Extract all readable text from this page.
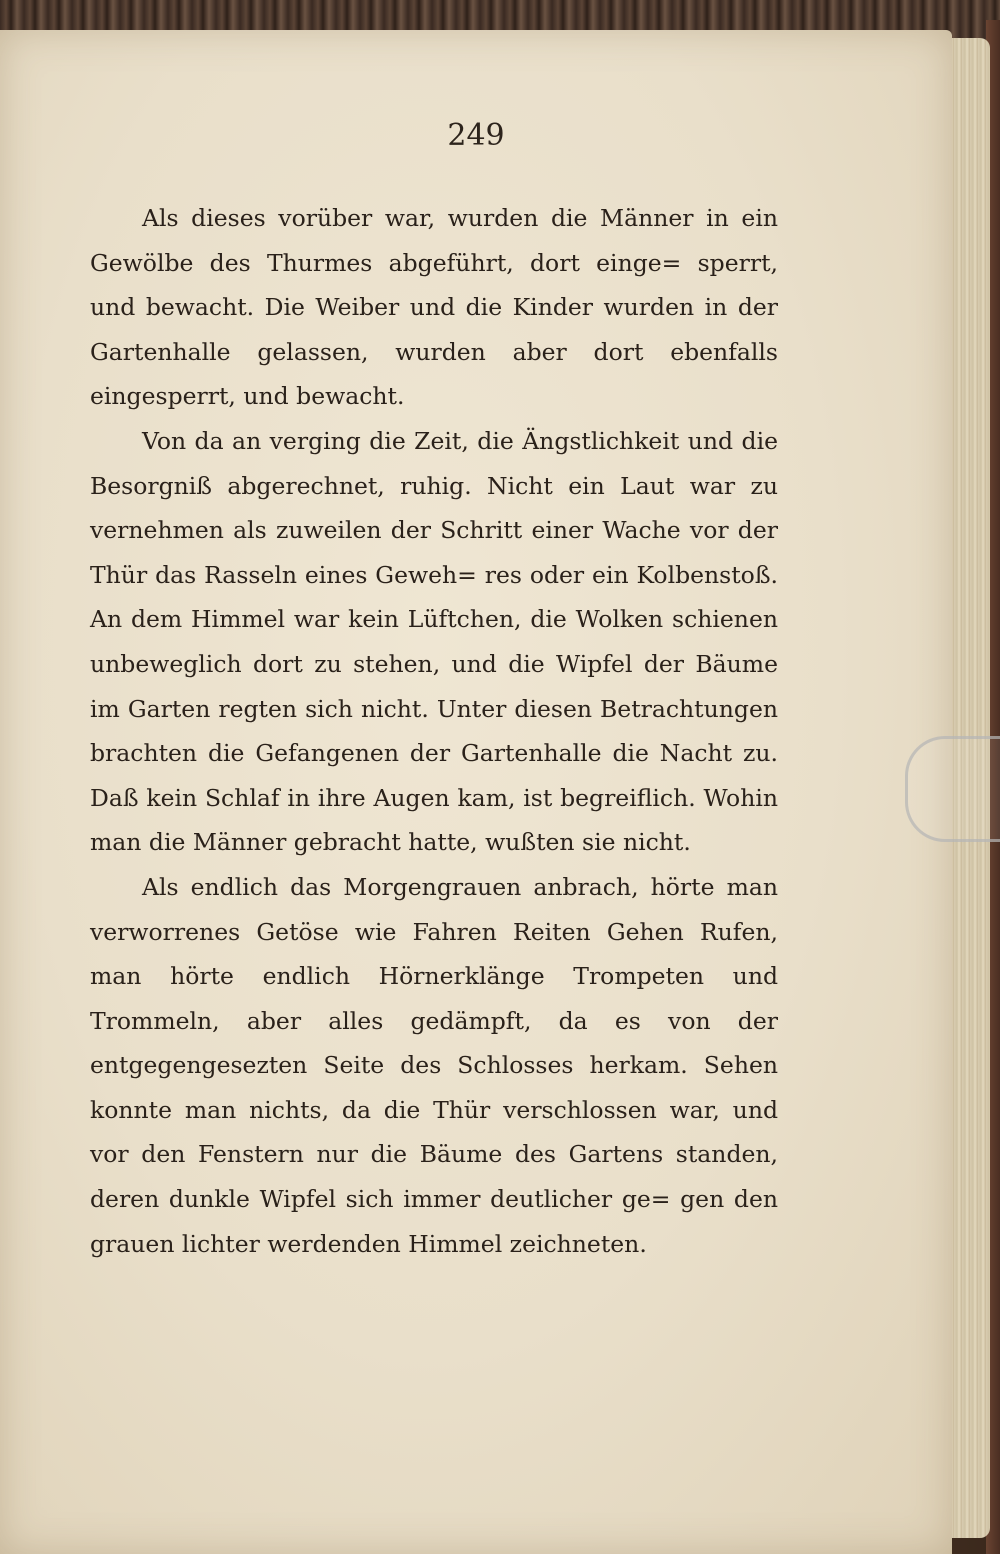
249

Als dieses vorüber war, wurden die Männer in ein Gewölbe des Thurmes abgeführt, dort einge= sperrt, und bewacht. Die Weiber und die Kinder wurden in der Gartenhalle gelassen, wurden aber dort ebenfalls eingesperrt, und bewacht.

Von da an verging die Zeit, die Ängstlichkeit und die Besorgniß abgerechnet, ruhig. Nicht ein Laut war zu vernehmen als zuweilen der Schritt einer Wache vor der Thür das Rasseln eines Geweh= res oder ein Kolbenstoß. An dem Himmel war kein Lüftchen, die Wolken schienen unbeweglich dort zu stehen, und die Wipfel der Bäume im Garten regten sich nicht. Unter diesen Betrachtungen brachten die Gefangenen der Gartenhalle die Nacht zu. Daß kein Schlaf in ihre Augen kam, ist begreiflich. Wohin man die Männer gebracht hatte, wußten sie nicht.

Als endlich das Morgengrauen anbrach, hörte man verworrenes Getöse wie Fahren Reiten Gehen Rufen, man hörte endlich Hörnerklänge Trompeten und Trommeln, aber alles gedämpft, da es von der entgegengesezten Seite des Schlosses herkam. Sehen konnte man nichts, da die Thür verschlossen war, und vor den Fenstern nur die Bäume des Gartens standen, deren dunkle Wipfel sich immer deutlicher ge= gen den grauen lichter werdenden Himmel zeichneten.
